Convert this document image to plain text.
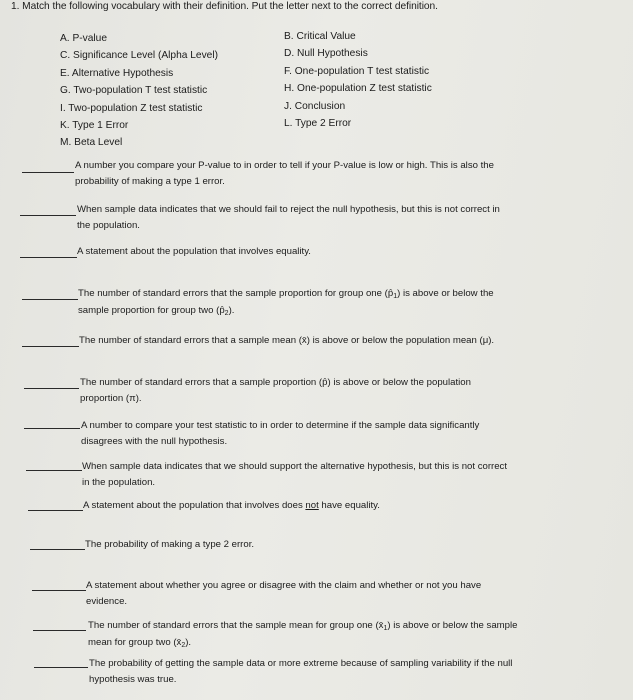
1. Match the following vocabulary with their definition. Put the letter next to the correct definition.
A. P-value
C. Significance Level (Alpha Level)
E. Alternative Hypothesis
G. Two-population T test statistic
I. Two-population Z test statistic
K. Type 1 Error
M. Beta Level
B. Critical Value
D. Null Hypothesis
F. One-population T test statistic
H. One-population Z test statistic
J. Conclusion
L. Type 2 Error
A number you compare your P-value to in order to tell if your P-value is low or high. This is also the
probability of making a type 1 error.
When sample data indicates that we should fail to reject the null hypothesis, but this is not correct in
the population.
A statement about the population that involves equality.
The number of standard errors that the sample proportion for group one $(p̂_1)$ is above or below the
sample proportion for group two $(p̂_2)$.
The number of standard errors that a sample mean (x̄) is above or below the population mean (μ).
The number of standard errors that a sample proportion (p̂) is above or below the population
proportion (π).
A number to compare your test statistic to in order to determine if the sample data significantly
disagrees with the null hypothesis.
When sample data indicates that we should support the alternative hypothesis, but this is not correct
in the population.
A statement about the population that involves does not have equality.
The probability of making a type 2 error.
A statement about whether you agree or disagree with the claim and whether or not you have
evidence.
The number of standard errors that the sample mean for group one $(x̄_1)$ is above or below the sample
mean for group two $(x̄_2)$.
The probability of getting the sample data or more extreme because of sampling variability if the null
hypothesis was true.
